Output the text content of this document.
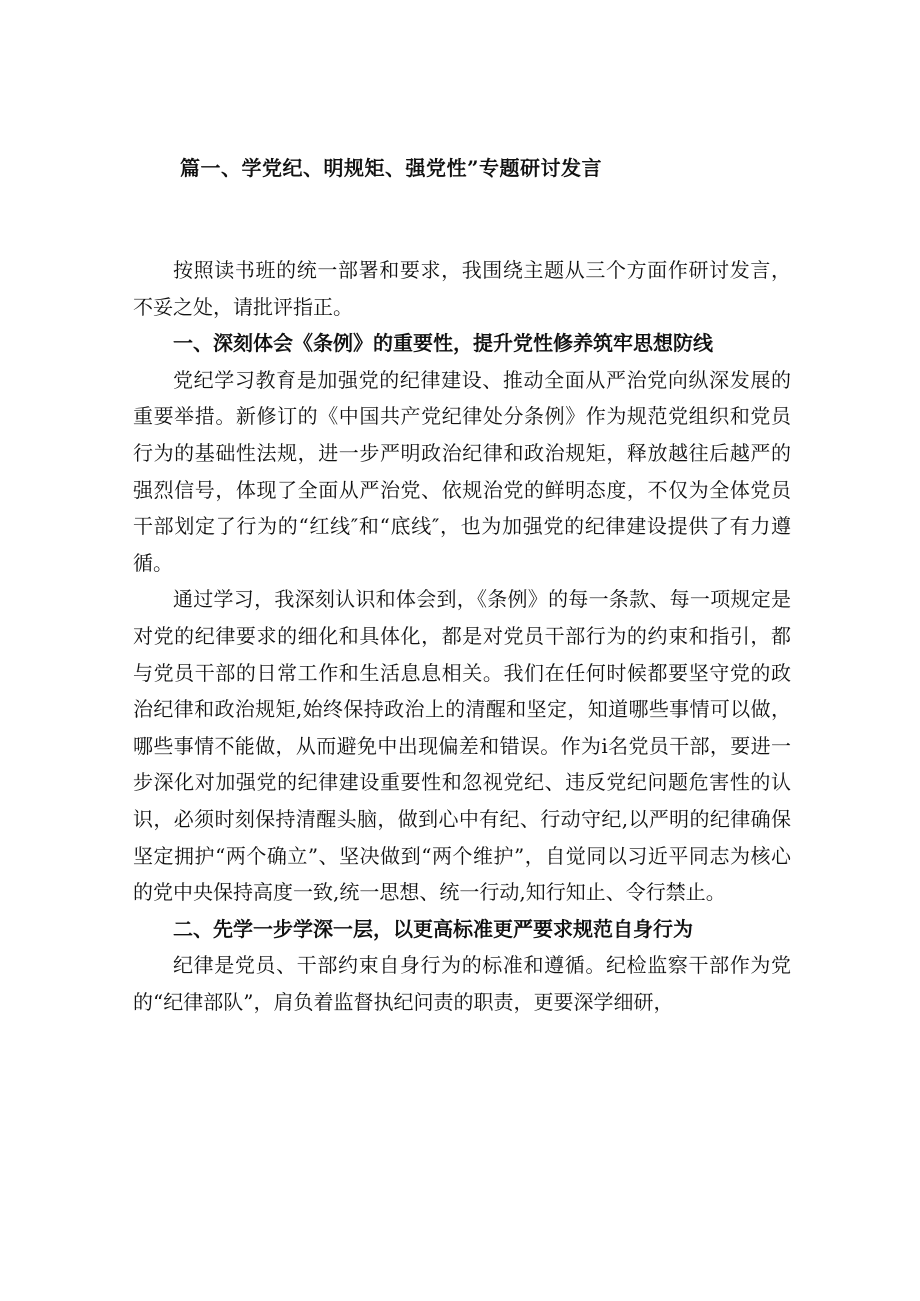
篇一、学党纪、明规矩、强党性”专题研讨发言

按照读书班的统一部署和要求，我围绕主题从三个方面作研讨发言，不妥之处，请批评指正。

一、深刻体会《条例》的重要性，提升党性修养筑牢思想防线

党纪学习教育是加强党的纪律建设、推动全面从严治党向纵深发展的重要举措。新修订的《中国共产党纪律处分条例》作为规范党组织和党员行为的基础性法规，进一步严明政治纪律和政治规矩，释放越往后越严的强烈信号，体现了全面从严治党、依规治党的鲜明态度，不仅为全体党员干部划定了行为的“红线″和“底线″，也为加强党的纪律建设提供了有力遵循。

通过学习，我深刻认识和体会到，《条例》的每一条款、每一项规定是对党的纪律要求的细化和具体化，都是对党员干部行为的约束和指引，都与党员干部的日常工作和生活息息相关。我们在任何时候都要坚守党的政治纪律和政治规矩,始终保持政治上的清醒和坚定，知道哪些事情可以做，哪些事情不能做，从而避免中出现偏差和错误。作为i名党员干部，要进一步深化对加强党的纪律建设重要性和忽视党纪、违反党纪问题危害性的认识，必须时刻保持清醒头脑，做到心中有纪、行动守纪,以严明的纪律确保坚定拥护“两个确立”、坚决做到“两个维护”，自觉同以习近平同志为核心的党中央保持高度一致,统一思想、统一行动,知行知止、令行禁止。

二、先学一步学深一层，以更高标准更严要求规范自身行为

纪律是党员、干部约束自身行为的标准和遵循。纪检监察干部作为党的“纪律部队”，肩负着监督执纪问责的职责，更要深学细研，
